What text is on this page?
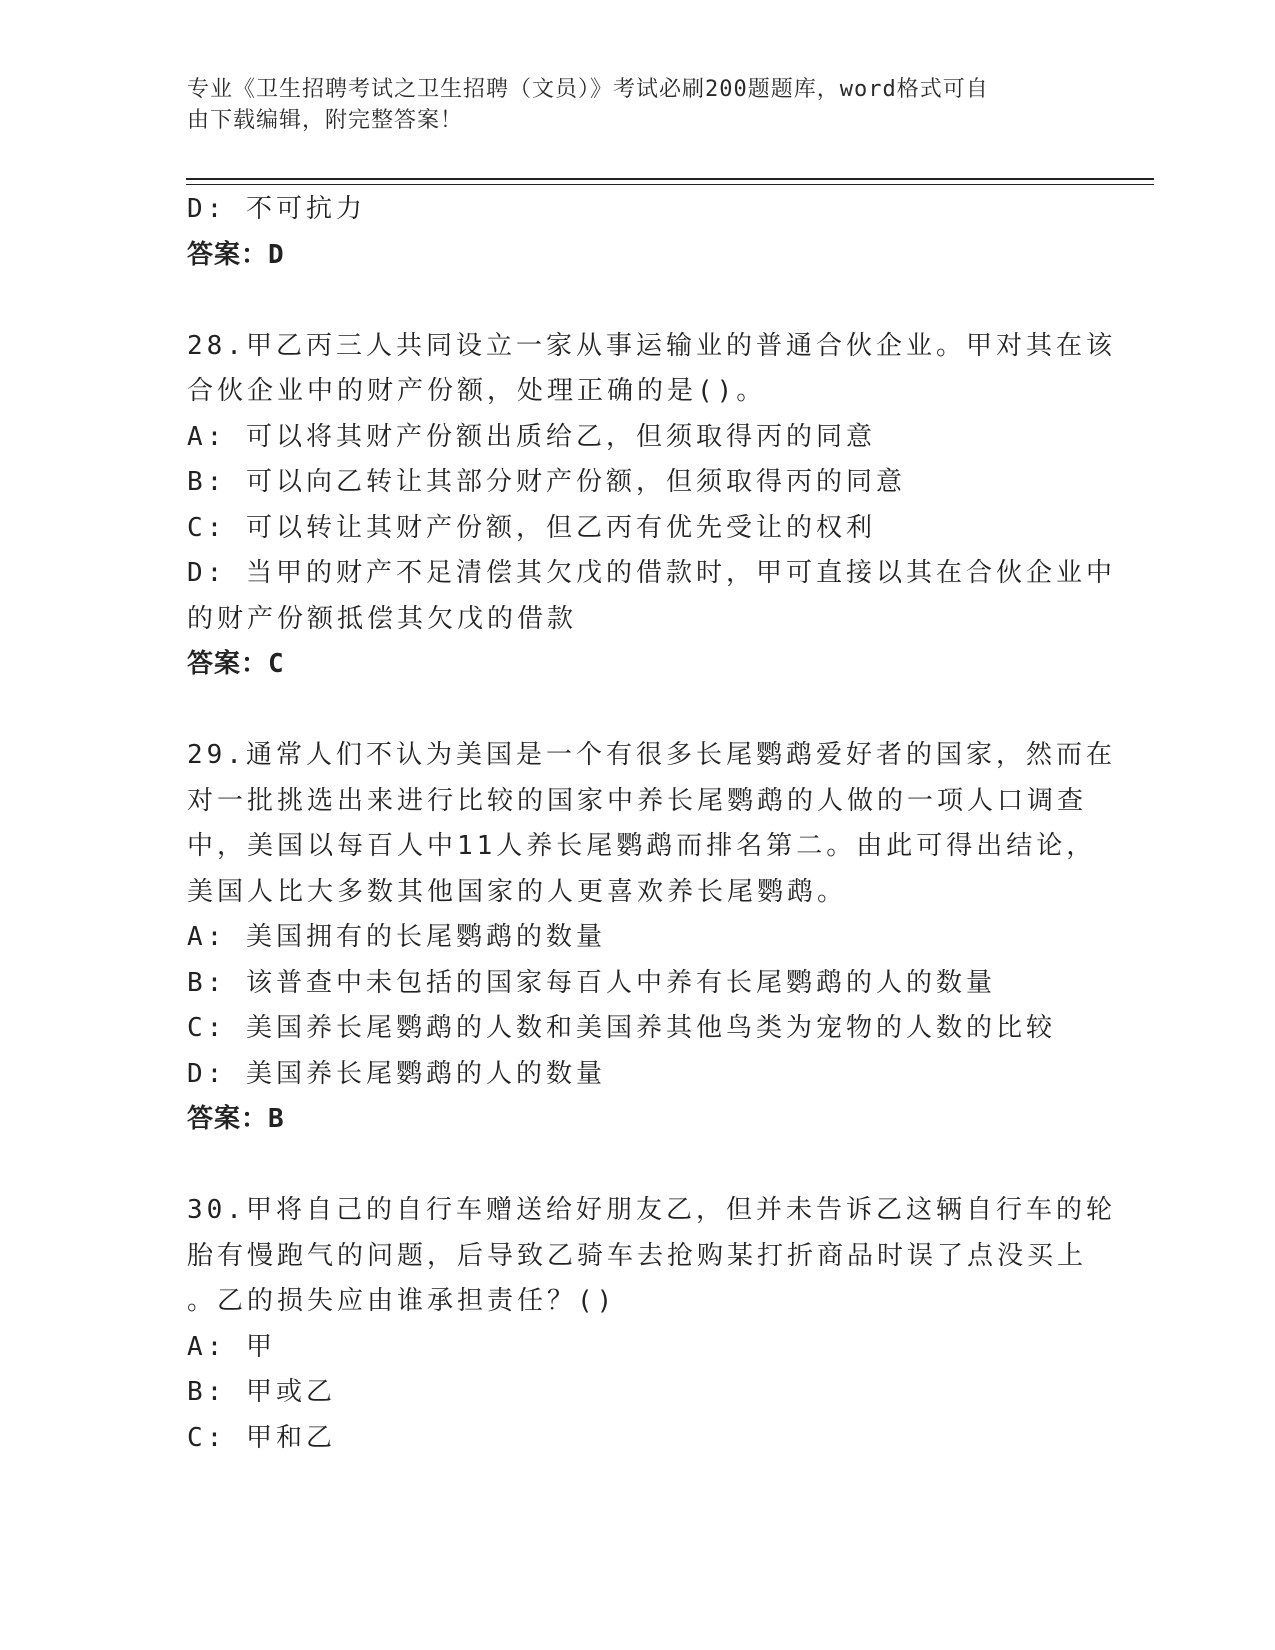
专业《卫生招聘考试之卫生招聘（文员）》考试必刷200题题库，word格式可自
由下载编辑，附完整答案！
D: 不可抗力
答案：D
28.甲乙丙三人共同设立一家从事运输业的普通合伙企业。甲对其在该
合伙企业中的财产份额，处理正确的是()。
A: 可以将其财产份额出质给乙，但须取得丙的同意
B: 可以向乙转让其部分财产份额，但须取得丙的同意
C: 可以转让其财产份额，但乙丙有优先受让的权利
D: 当甲的财产不足清偿其欠戊的借款时，甲可直接以其在合伙企业中
的财产份额抵偿其欠戊的借款
答案：C
29.通常人们不认为美国是一个有很多长尾鹦鹉爱好者的国家，然而在
对一批挑选出来进行比较的国家中养长尾鹦鹉的人做的一项人口调查
中，美国以每百人中11人养长尾鹦鹉而排名第二。由此可得出结论，
美国人比大多数其他国家的人更喜欢养长尾鹦鹉。
A: 美国拥有的长尾鹦鹉的数量
B: 该普查中未包括的国家每百人中养有长尾鹦鹉的人的数量
C: 美国养长尾鹦鹉的人数和美国养其他鸟类为宠物的人数的比较
D: 美国养长尾鹦鹉的人的数量
答案：B
30.甲将自己的自行车赠送给好朋友乙，但并未告诉乙这辆自行车的轮
胎有慢跑气的问题，后导致乙骑车去抢购某打折商品时误了点没买上
。乙的损失应由谁承担责任？()
A: 甲
B: 甲或乙
C: 甲和乙
